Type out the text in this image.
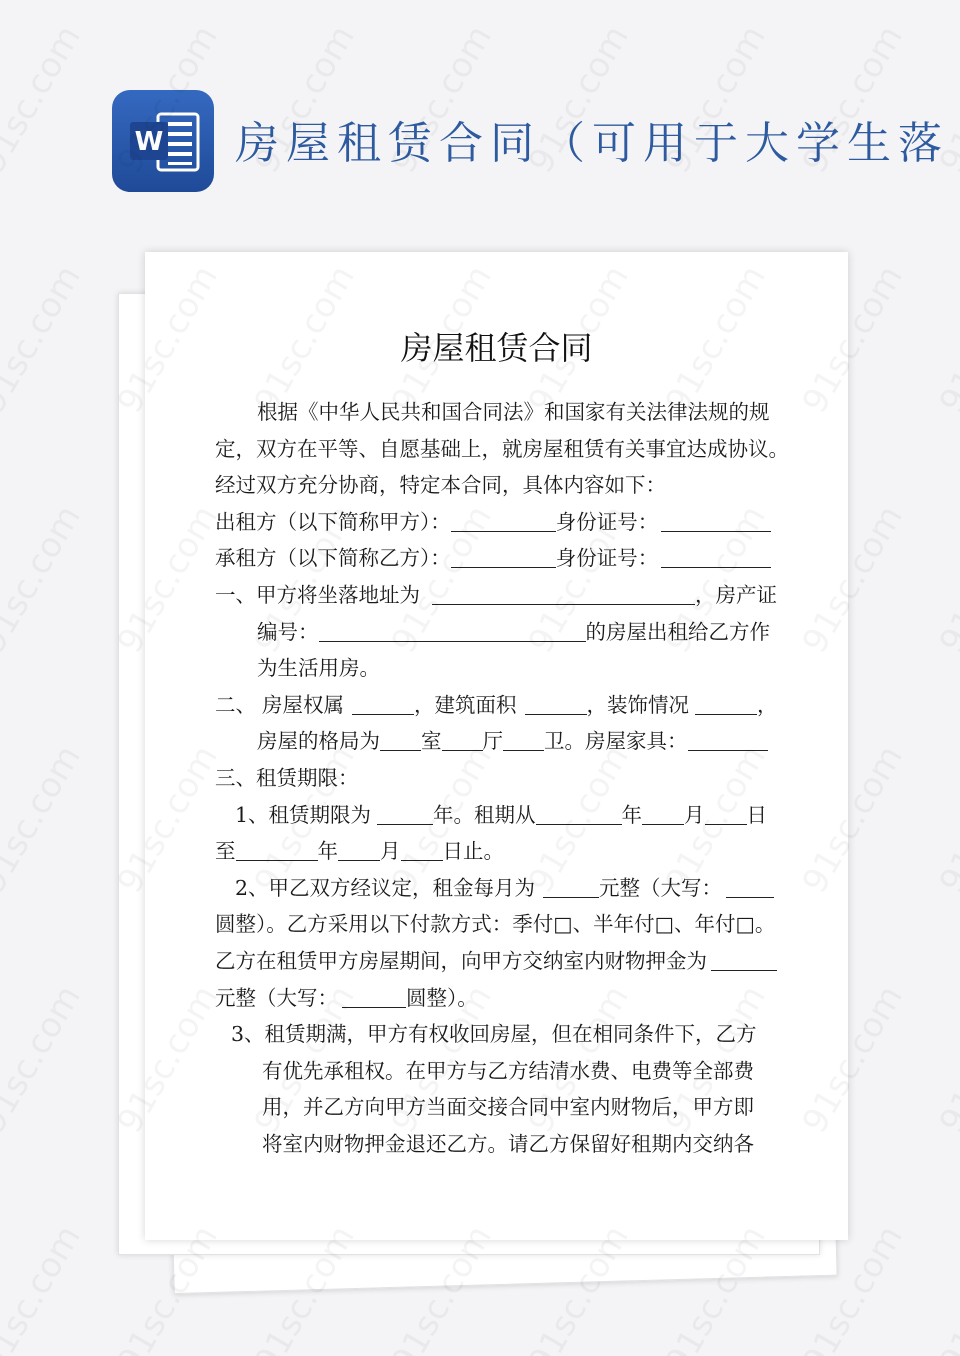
W 房屋租赁合同（可用于大学生落
房屋租赁合同
根据《中华人民共和国合同法》和国家有关法律法规的规
定，双方在平等、自愿基础上，就房屋租赁有关事宜达成协议。
经过双方充分协商，特定本合同，具体内容如下：
出租方（以下简称甲方）：	身份证号：
承租方（以下简称乙方）：	身份证号：
一、甲方将坐落地址为	，房产证
编号：	的房屋出租给乙方作
为生活用房。
二、 房屋权属	，建筑面积	，装饰情况	，
房屋的格局为 室 厅 卫。房屋家具：
三、租赁期限：
1、租赁期限为	年。租期从	年 月 日
至	年 月 日止。
2、甲乙双方经议定，租金每月为	元整（大写：
圆整）。乙方采用以下付款方式：季付□、半年付□、年付□。
乙方在租赁甲方房屋期间，向甲方交纳室内财物押金为
元整（大写：	圆整）。
3、租赁期满，甲方有权收回房屋，但在相同条件下，乙方
有优先承租权。在甲方与乙方结清水费、电费等全部费
用，并乙方向甲方当面交接合同中室内财物后，甲方即
将室内财物押金退还乙方。请乙方保留好租期内交纳各
